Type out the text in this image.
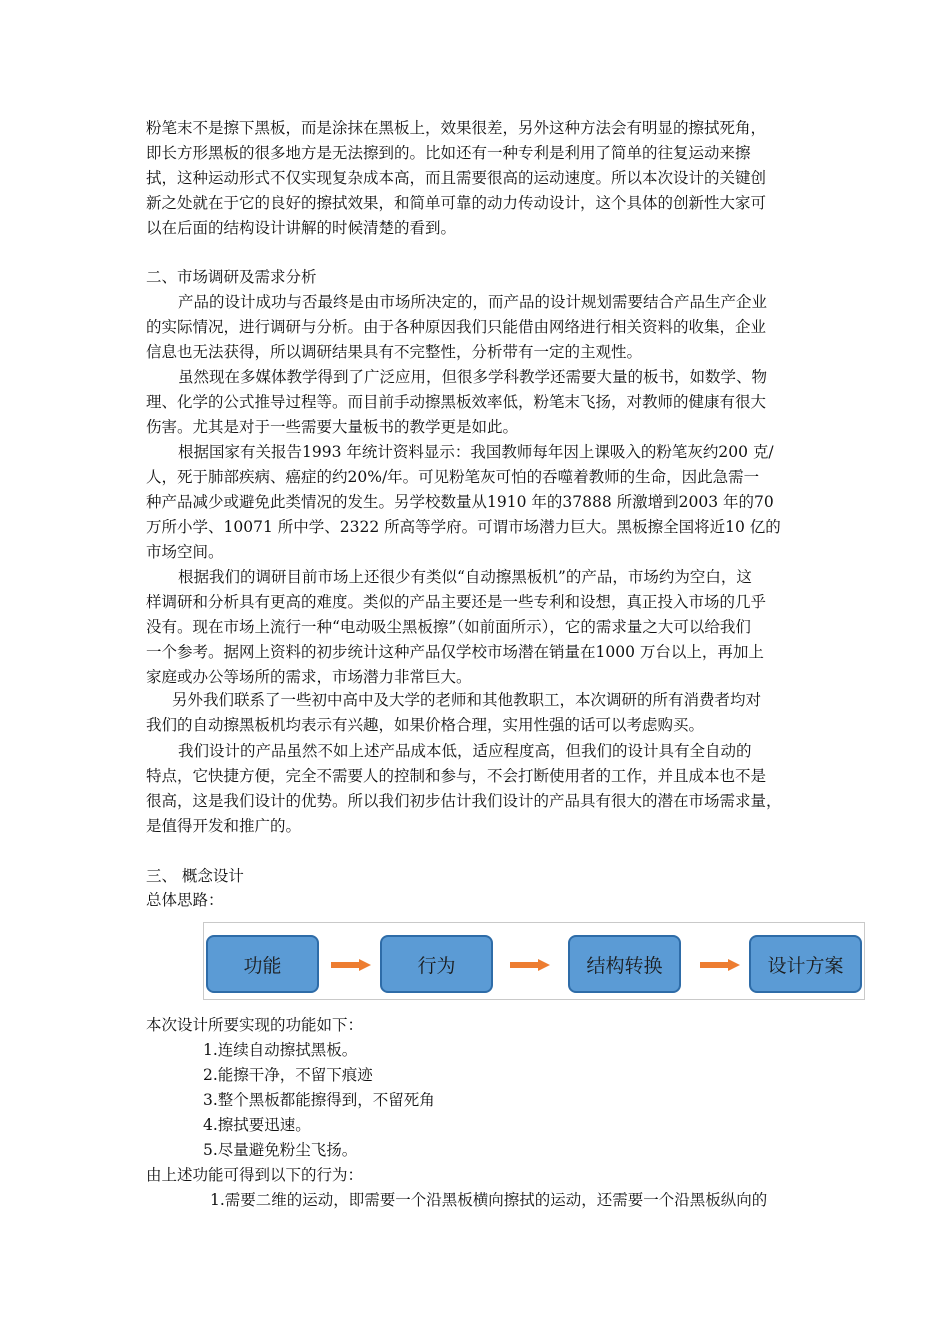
粉笔末不是擦下黑板，而是涂抹在黑板上，效果很差，另外这种方法会有明显的擦拭死角，
即长方形黑板的很多地方是无法擦到的。比如还有一种专利是利用了简单的往复运动来擦
拭，这种运动形式不仅实现复杂成本高，而且需要很高的运动速度。所以本次设计的关键创
新之处就在于它的良好的擦拭效果，和简单可靠的动力传动设计，这个具体的创新性大家可
以在后面的结构设计讲解的时候清楚的看到。
二、市场调研及需求分析
产品的设计成功与否最终是由市场所决定的，而产品的设计规划需要结合产品生产企业
的实际情况，进行调研与分析。由于各种原因我们只能借由网络进行相关资料的收集，企业
信息也无法获得，所以调研结果具有不完整性，分析带有一定的主观性。
虽然现在多媒体教学得到了广泛应用，但很多学科教学还需要大量的板书，如数学、物
理、化学的公式推导过程等。而目前手动擦黑板效率低，粉笔末飞扬，对教师的健康有很大
伤害。尤其是对于一些需要大量板书的教学更是如此。
根据国家有关报告1993 年统计资料显示：我国教师每年因上课吸入的粉笔灰约200 克/
人，死于肺部疾病、癌症的约20%/年。可见粉笔灰可怕的吞噬着教师的生命，因此急需一
种产品减少或避免此类情况的发生。另学校数量从1910 年的37888 所激增到2003 年的70
万所小学、10071 所中学、2322 所高等学府。可谓市场潜力巨大。黑板擦全国将近10 亿的
市场空间。
根据我们的调研目前市场上还很少有类似“自动擦黑板机”的产品，市场约为空白，这
样调研和分析具有更高的难度。类似的产品主要还是一些专利和设想，真正投入市场的几乎
没有。现在市场上流行一种“电动吸尘黑板擦”（如前面所示），它的需求量之大可以给我们
一个参考。据网上资料的初步统计这种产品仅学校市场潜在销量在1000 万台以上，再加上
家庭或办公等场所的需求，市场潜力非常巨大。
另外我们联系了一些初中高中及大学的老师和其他教职工，本次调研的所有消费者均对
我们的自动擦黑板机均表示有兴趣，如果价格合理，实用性强的话可以考虑购买。
我们设计的产品虽然不如上述产品成本低，适应程度高，但我们的设计具有全自动的
特点，它快捷方便，完全不需要人的控制和参与，不会打断使用者的工作，并且成本也不是
很高，这是我们设计的优势。所以我们初步估计我们设计的产品具有很大的潜在市场需求量，
是值得开发和推广的。
三、 概念设计
总体思路：
功能	行为	结构转换	设计方案
本次设计所要实现的功能如下：
1.连续自动擦拭黑板。
2.能擦干净，不留下痕迹
3.整个黑板都能擦得到，不留死角
4.擦拭要迅速。
5.尽量避免粉尘飞扬。
由上述功能可得到以下的行为：
1.需要二维的运动，即需要一个沿黑板横向擦拭的运动，还需要一个沿黑板纵向的
